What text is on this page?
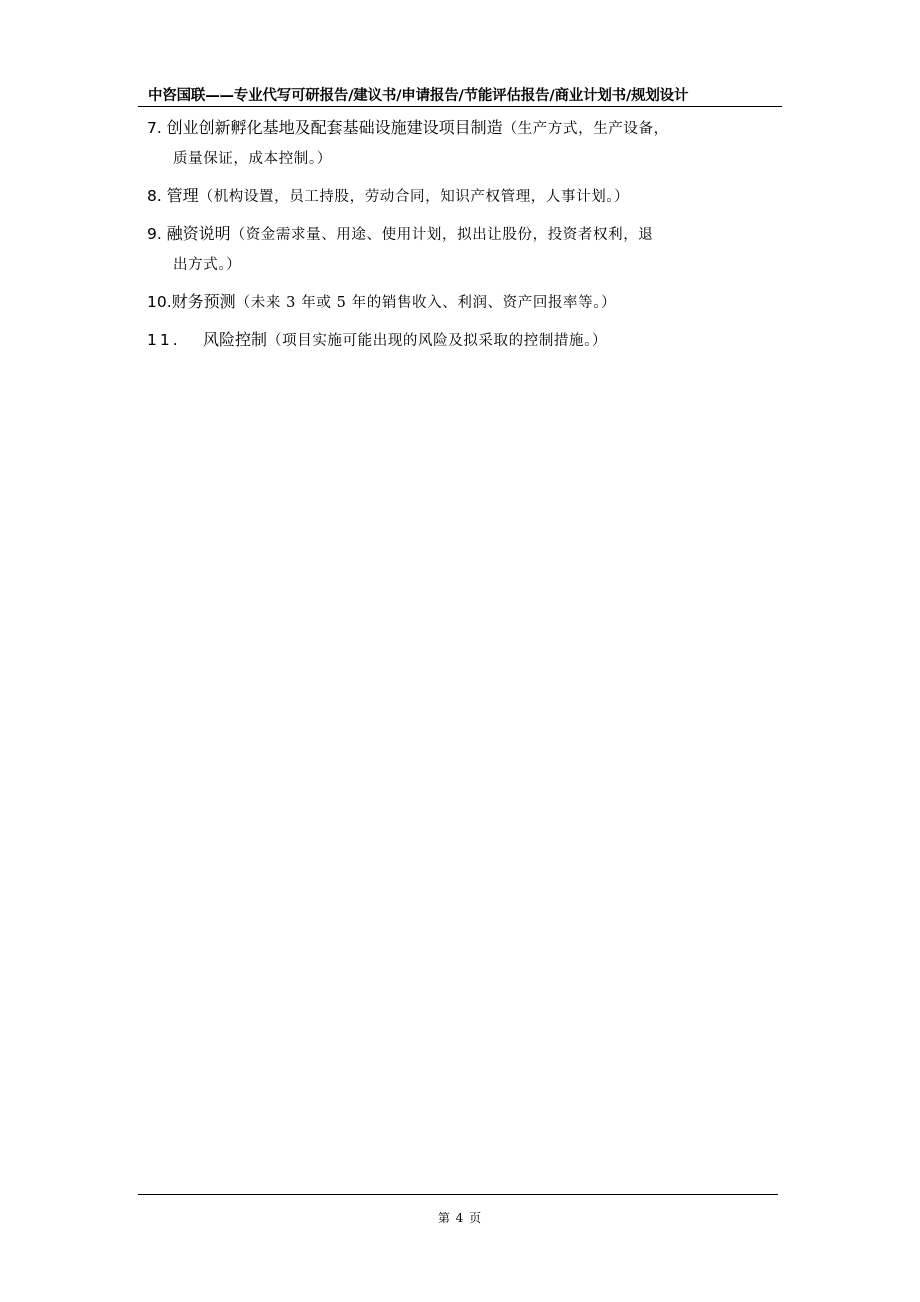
中咨国联——专业代写可研报告/建议书/申请报告/节能评估报告/商业计划书/规划设计
7. 创业创新孵化基地及配套基础设施建设项目制造（生产方式，生产设备，
质量保证，成本控制。）
8. 管理（机构设置，员工持股，劳动合同，知识产权管理，人事计划。）
9. 融资说明（资金需求量、用途、使用计划，拟出让股份，投资者权利，退
出方式。）
10.财务预测（未来 3 年或 5 年的销售收入、利润、资产回报率等。）
11. 风险控制（项目实施可能出现的风险及拟采取的控制措施。）
第 4 页
